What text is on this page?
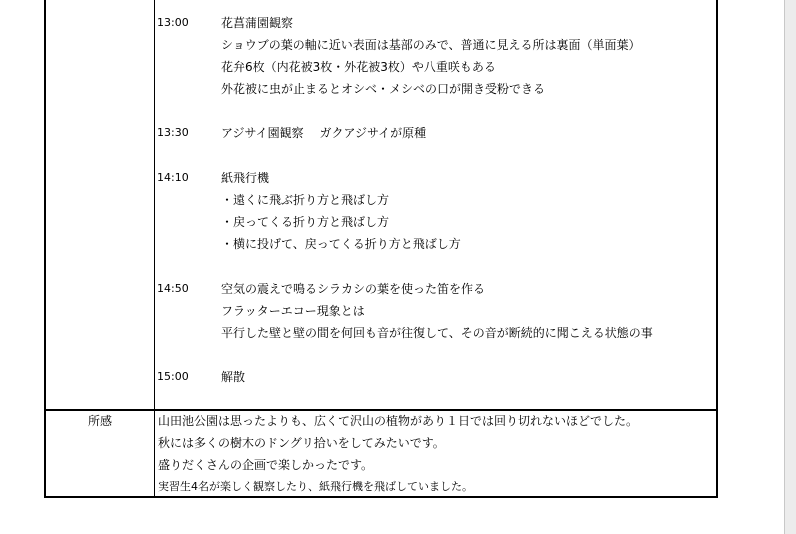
13:00	花菖蒲園観察
ショウブの葉の軸に近い表面は基部のみで、普通に見える所は裏面（単面葉）
花弁6枚（内花被3枚・外花被3枚）や八重咲もある
外花被に虫が止まるとオシベ・メシベの口が開き受粉できる
13:30	アジサイ園観察　 ガクアジサイが原種
14:10	紙飛行機
・遠くに飛ぶ折り方と飛ばし方
・戻ってくる折り方と飛ばし方
・横に投げて、戻ってくる折り方と飛ばし方
14:50	空気の震えで鳴るシラカシの葉を使った笛を作る
フラッターエコー現象とは
平行した壁と壁の間を何回も音が往復して、その音が断続的に聞こえる状態の事
15:00	解散
所感	山田池公園は思ったよりも、広くて沢山の植物があり１日では回り切れないほどでした。
秋には多くの樹木のドングリ拾いをしてみたいです。
盛りだくさんの企画で楽しかったです。
実習生4名が楽しく観察したり、紙飛行機を飛ばしていました。
